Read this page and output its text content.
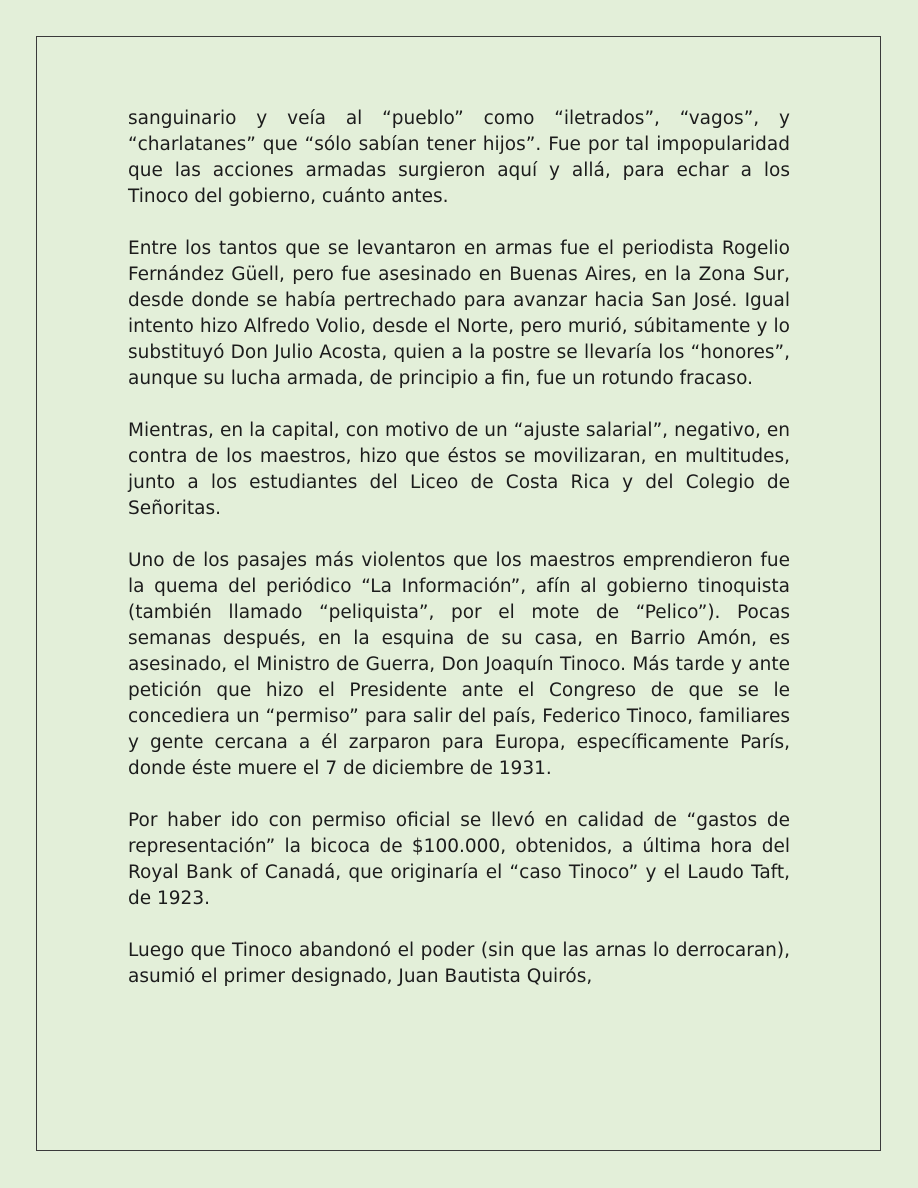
sanguinario y veía al “pueblo” como “iletrados”, “vagos”, y “charlatanes” que “sólo sabían tener hijos”. Fue por tal impopularidad que las acciones armadas surgieron aquí y allá, para echar a los Tinoco del gobierno, cuánto antes.

Entre los tantos que se levantaron en armas fue el periodista Rogelio Fernández Güell, pero fue asesinado en Buenas Aires, en la Zona Sur, desde donde se había pertrechado para avanzar hacia San José. Igual intento hizo Alfredo Volio, desde el Norte, pero murió, súbitamente y lo substituyó Don Julio Acosta, quien a la postre se llevaría los “honores”, aunque su lucha armada, de principio a fin, fue un rotundo fracaso.

Mientras, en la capital, con motivo de un “ajuste salarial”, negativo, en contra de los maestros, hizo que éstos se movilizaran, en multitudes, junto a los estudiantes del Liceo de Costa Rica y del Colegio de Señoritas.

Uno de los pasajes más violentos que los maestros emprendieron fue la quema del periódico “La Información”, afín al gobierno tinoquista (también llamado “peliquista”, por el mote de “Pelico”). Pocas semanas después, en la esquina de su casa, en Barrio Amón, es asesinado, el Ministro de Guerra, Don Joaquín Tinoco. Más tarde y ante petición que hizo el Presidente ante el Congreso de que se le concediera un “permiso” para salir del país, Federico Tinoco, familiares y gente cercana a él zarparon para Europa, específicamente París, donde éste muere el 7 de diciembre de 1931.

Por haber ido con permiso oficial se llevó en calidad de “gastos de representación” la bicoca de $100.000, obtenidos, a última hora del Royal Bank of Canadá, que originaría el “caso Tinoco” y el Laudo Taft, de 1923.

Luego que Tinoco abandonó el poder (sin que las arnas lo derrocaran), asumió el primer designado, Juan Bautista Quirós,
